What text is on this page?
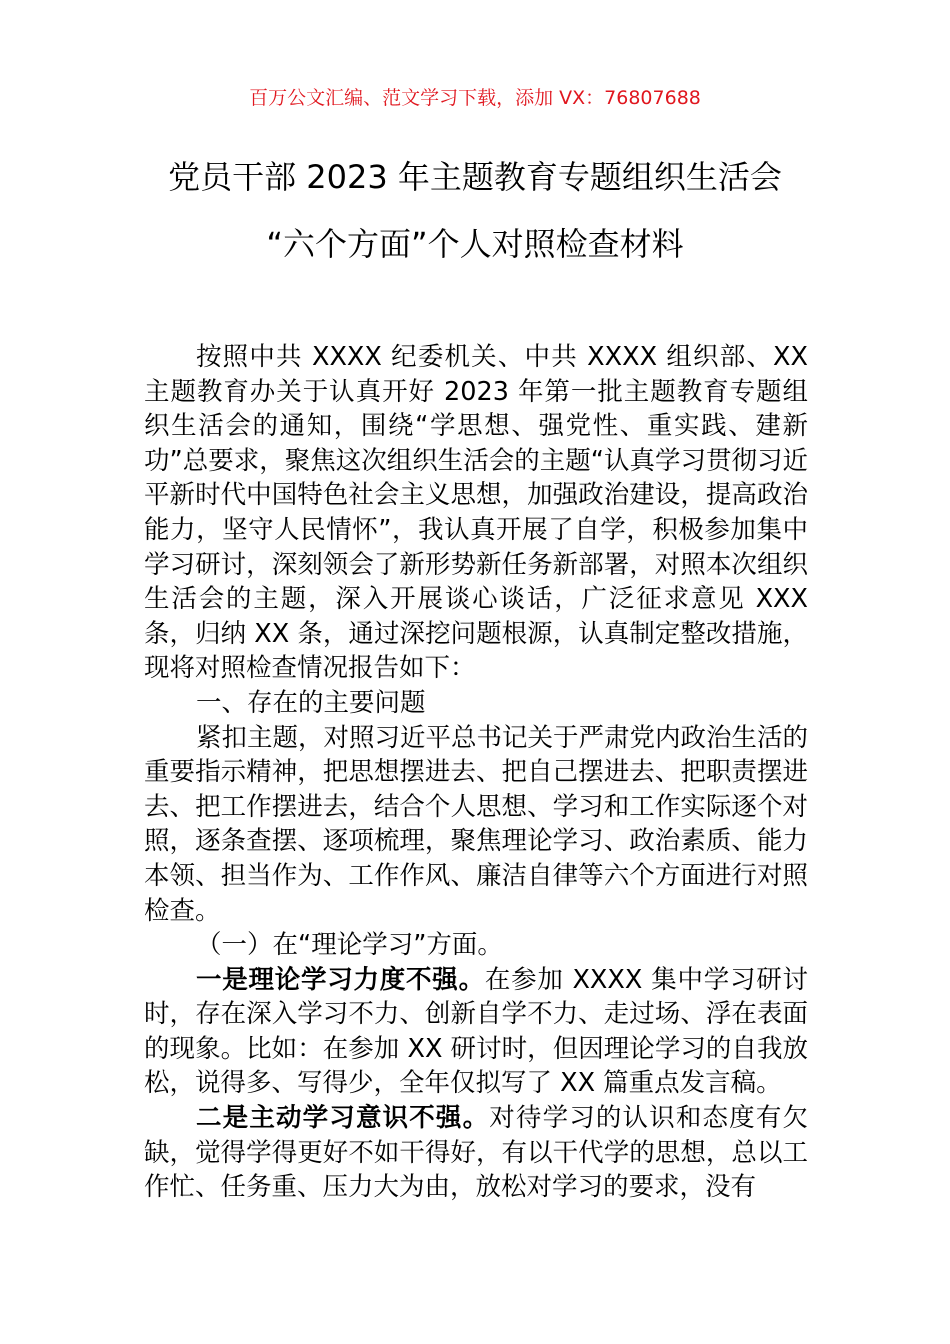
百万公文汇编、范文学习下载，添加 VX：76807688
党员干部 2023 年主题教育专题组织生活会
“六个方面”个人对照检查材料

按照中共 XXXX 纪委机关、中共 XXXX 组织部、XX 主题教育办关于认真开好 2023 年第一批主题教育专题组织生活会的通知，围绕“学思想、强党性、重实践、建新功”总要求，聚焦这次组织生活会的主题“认真学习贯彻习近平新时代中国特色社会主义思想，加强政治建设，提高政治能力，坚守人民情怀”，我认真开展了自学，积极参加集中学习研讨，深刻领会了新形势新任务新部署，对照本次组织生活会的主题，深入开展谈心谈话，广泛征求意见 XXX 条，归纳 XX 条，通过深挖问题根源，认真制定整改措施，现将对照检查情况报告如下：

一、存在的主要问题

紧扣主题，对照习近平总书记关于严肃党内政治生活的重要指示精神，把思想摆进去、把自己摆进去、把职责摆进去、把工作摆进去，结合个人思想、学习和工作实际逐个对照，逐条查摆、逐项梳理，聚焦理论学习、政治素质、能力本领、担当作为、工作作风、廉洁自律等六个方面进行对照检查。

（一）在“理论学习”方面。

一是理论学习力度不强。在参加 XXXX 集中学习研讨时，存在深入学习不力、创新自学不力、走过场、浮在表面的现象。比如：在参加 XX 研讨时，但因理论学习的自我放松，说得多、写得少，全年仅拟写了 XX 篇重点发言稿。

二是主动学习意识不强。对待学习的认识和态度有欠缺，觉得学得更好不如干得好，有以干代学的思想，总以工作忙、任务重、压力大为由，放松对学习的要求，没有
